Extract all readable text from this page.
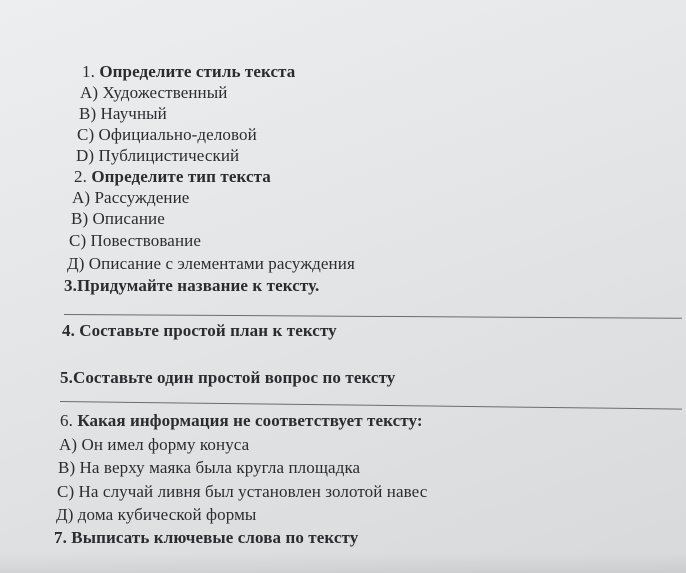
1. Определите стиль текста
А) Художественный
В) Научный
С) Официально-деловой
D) Публицистический
2. Определите тип текста
А) Рассуждение
В) Описание
С) Повествование
Д) Описание с элементами расуждения
3.Придумайте название к тексту.
4. Составьте простой план к тексту
5.Составьте один простой вопрос по тексту
6. Какая информация не соответствует тексту:
А) Он имел форму конуса
В) На верху маяка была кругла площадка
С) На случай ливня был установлен золотой навес
Д) дома кубической формы
7. Выписать ключевые слова по тексту
